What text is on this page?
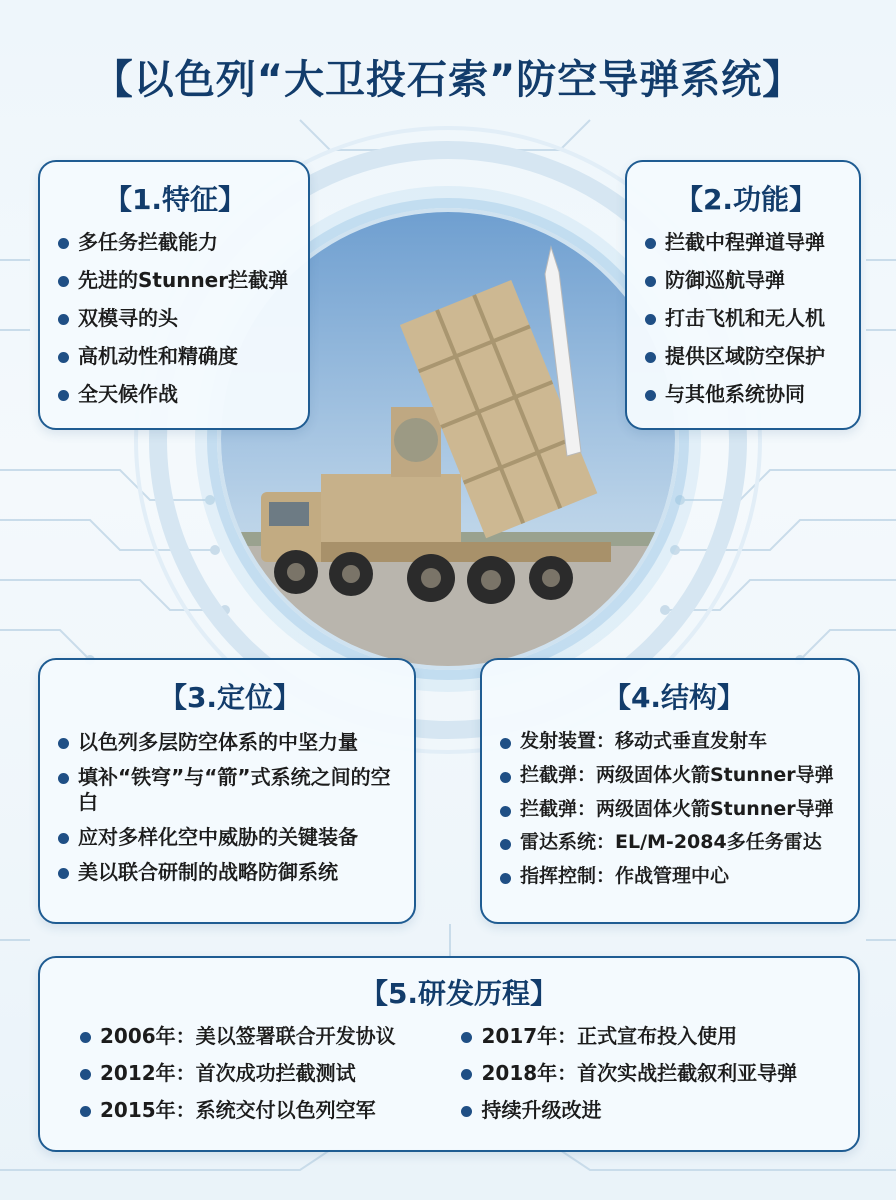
【以色列“大卫投石索”防空导弹系统】
【1.特征】
多任务拦截能力
先进的Stunner拦截弹
双模寻的头
高机动性和精确度
全天候作战
【2.功能】
拦截中程弹道导弹
防御巡航导弹
打击飞机和无人机
提供区域防空保护
与其他系统协同
【3.定位】
以色列多层防空体系的中坚力量
填补“铁穹”与“箭”式系统之间的空白
应对多样化空中威胁的关键装备
美以联合研制的战略防御系统
【4.结构】
发射装置：移动式垂直发射车
拦截弹：两级固体火箭Stunner导弹
拦截弹：两级固体火箭Stunner导弹
雷达系统：EL/M-2084多任务雷达
指挥控制：作战管理中心
【5.研发历程】
2006年：美以签署联合开发协议
2012年：首次成功拦截测试
2015年：系统交付以色列空军
2017年：正式宣布投入使用
2018年：首次实战拦截叙利亚导弹
持续升级改进
